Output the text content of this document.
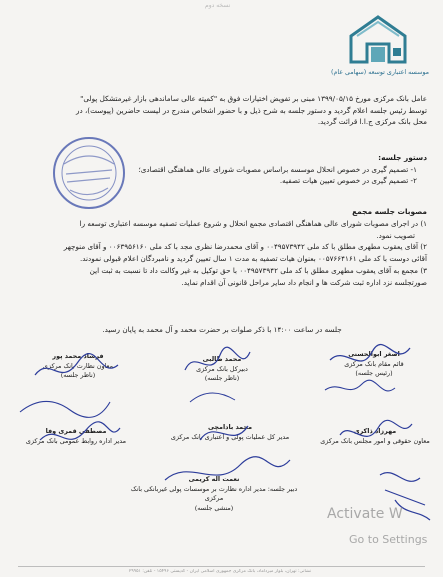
نسخه دوم
موسسه اعتباری توسعه (سهامی عام)
عامل بانک مرکزی مورخ ۱۳۹۹/۰۵/۱۵ مبنی بر تفویض اختیارات فوق به "کمیته عالی ساماندهی بازار غیرمتشکل پولی"
توسط رئیس جلسه اعلام گردید و دستور جلسه به شرح ذیل و با حضور اشخاص مندرج در لیست حاضرین (پیوست)، در
محل بانک مرکزی ج.ا.ا قرائت گردید.
دستور جلسه:
۱- تصمیم گیری در خصوص انحلال موسسه براساس مصوبات شورای عالی هماهنگی اقتصادی؛
۲- تصمیم گیری در خصوص تعیین هیات تصفیه.
مصوبات جلسه مجمع
۱) در اجرای مصوبات شورای عالی هماهنگی اقتصادی مجمع انحلال و شروع عملیات تصفیه موسسه اعتباری توسعه را
تصویب نمود.
۲) آقای یعقوب مطهری مطلق با کد ملی ۰۰۴۹۵۷۳۹۴۲ و آقای محمدرضا نظری مجد با کد ملی ۰۰۶۳۹۵۶۱۶۰ و آقای منوچهر
آقائی دوست با کد ملی ۰۰۵۷۶۶۴۱۶۱ بعنوان هیات تصفیه به مدت ۱ سال تعیین گردید و نامبردگان اعلام قبولی نمودند.
۳) مجمع به آقای یعقوب مطهری مطلق با کد ملی ۰۰۴۹۵۷۳۹۴۲ با حق توکیل به غیر وکالت داد تا نسبت به ثبت این
صورتجلسه نزد اداره ثبت شرکت ها و انجام داد سایر مراحل قانونی آن اقدام نماید.
جلسه در ساعت ۱۴:۰۰ با ذکر صلوات بر حضرت محمد و آل محمد به پایان رسید.
اصغر ابوالحسنی
قائم مقام بانک مرکزی
(رئیس جلسه)
محمد طالبی
دبیرکل بانک مرکزی
(ناظر جلسه)
فرشاد محمد پور
معاون نظارت بانک مرکزی
(ناظر جلسه)
مهرزاد ذاکری
معاون حقوقی و امور مجلس بانک مرکزی
محمد بادامچی
مدیر کل عملیات پولی و اعتباری بانک مرکزی
مصطفی قمری وفا
مدیر اداره روابط عمومی بانک مرکزی
نعمت اله کریمی
دبیر جلسه: مدیر اداره نظارت بر موسسات پولی غیربانکی بانک مرکزی
(منشی جلسه)	Activate W
Go to Settings
نشانی: تهران، بلوار میرداماد، بانک مرکزی جمهوری اسلامی ایران - کدپستی ۱۵۴۹۶ - تلفن: ۲۹۹۵۱
